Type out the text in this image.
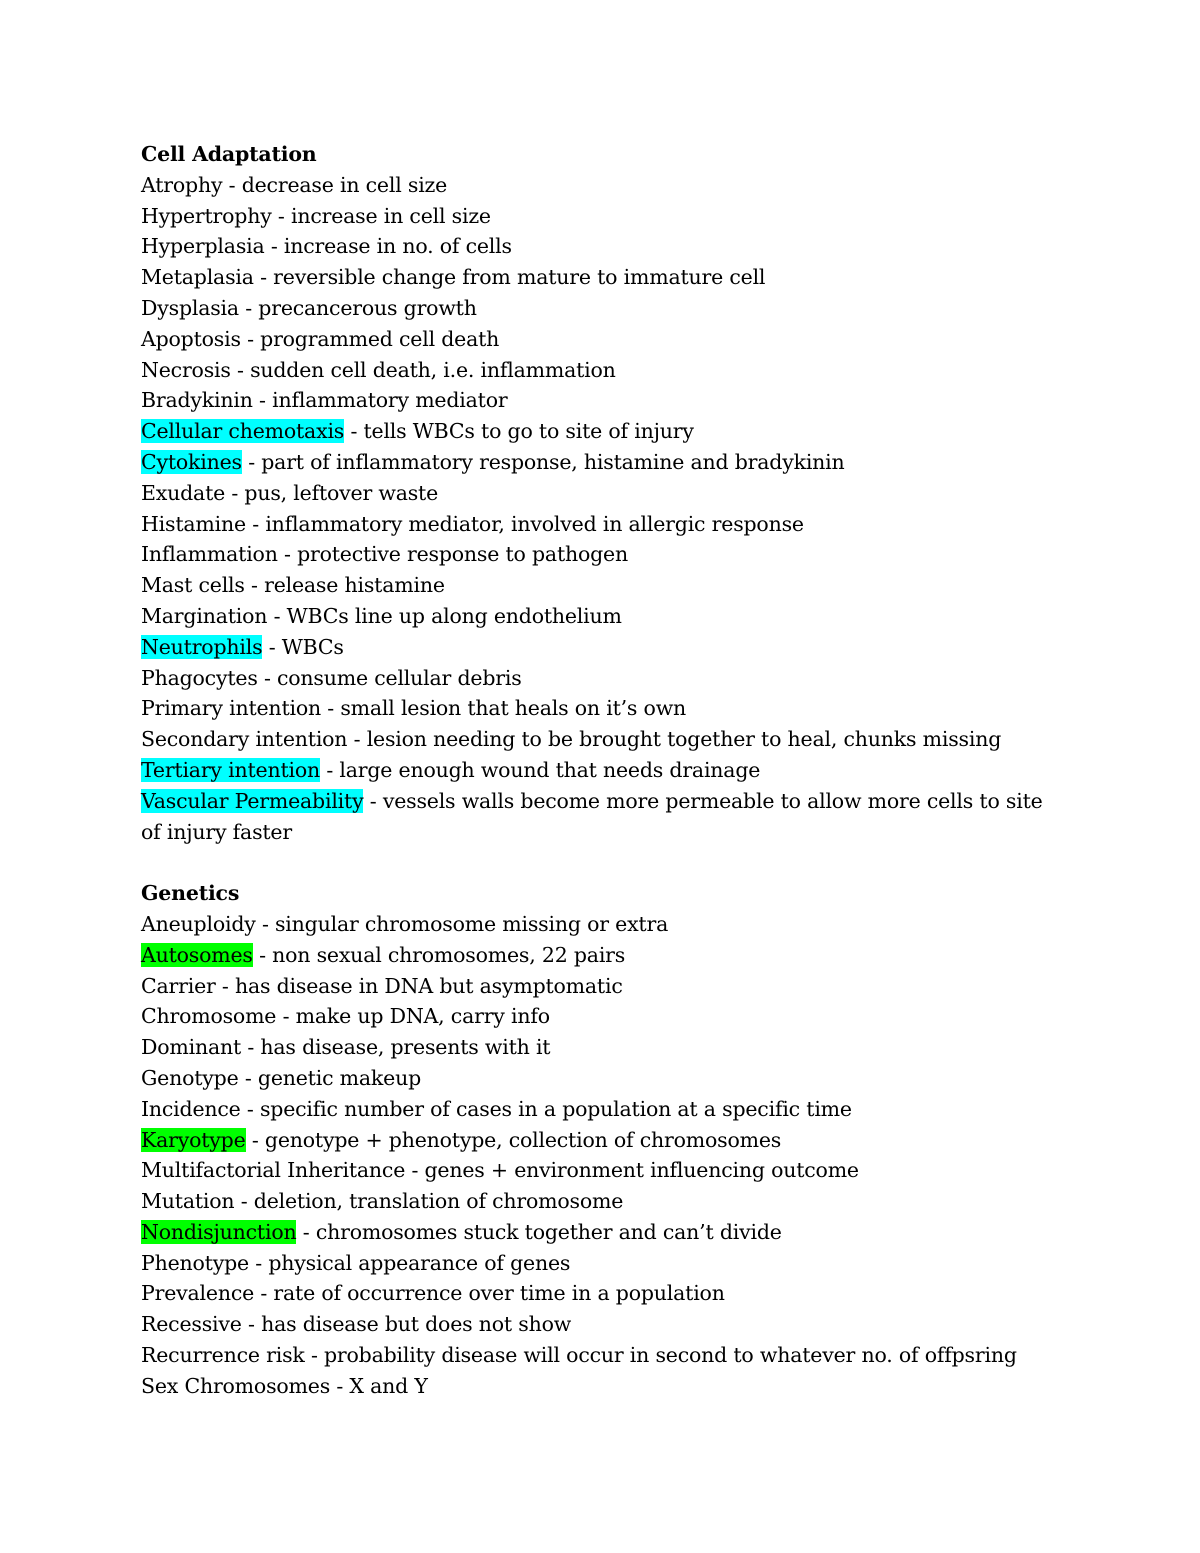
Cell Adaptation

Atrophy - decrease in cell size

Hypertrophy - increase in cell size

Hyperplasia - increase in no. of cells

Metaplasia - reversible change from mature to immature cell

Dysplasia - precancerous growth

Apoptosis - programmed cell death

Necrosis - sudden cell death, i.e. inflammation

Bradykinin - inflammatory mediator

Cellular chemotaxis - tells WBCs to go to site of injury

Cytokines - part of inflammatory response, histamine and bradykinin

Exudate - pus, leftover waste

Histamine - inflammatory mediator, involved in allergic response

Inflammation - protective response to pathogen

Mast cells - release histamine

Margination - WBCs line up along endothelium

Neutrophils - WBCs

Phagocytes - consume cellular debris

Primary intention - small lesion that heals on it’s own

Secondary intention - lesion needing to be brought together to heal, chunks missing

Tertiary intention - large enough wound that needs drainage

Vascular Permeability - vessels walls become more permeable to allow more cells to site of injury faster

Genetics

Aneuploidy - singular chromosome missing or extra

Autosomes - non sexual chromosomes, 22 pairs

Carrier - has disease in DNA but asymptomatic

Chromosome - make up DNA, carry info

Dominant - has disease, presents with it

Genotype - genetic makeup

Incidence - specific number of cases in a population at a specific time

Karyotype - genotype + phenotype, collection of chromosomes

Multifactorial Inheritance - genes + environment influencing outcome

Mutation - deletion, translation of chromosome

Nondisjunction - chromosomes stuck together and can’t divide

Phenotype - physical appearance of genes

Prevalence - rate of occurrence over time in a population

Recessive - has disease but does not show

Recurrence risk - probability disease will occur in second to whatever no. of offpsring

Sex Chromosomes - X and Y
